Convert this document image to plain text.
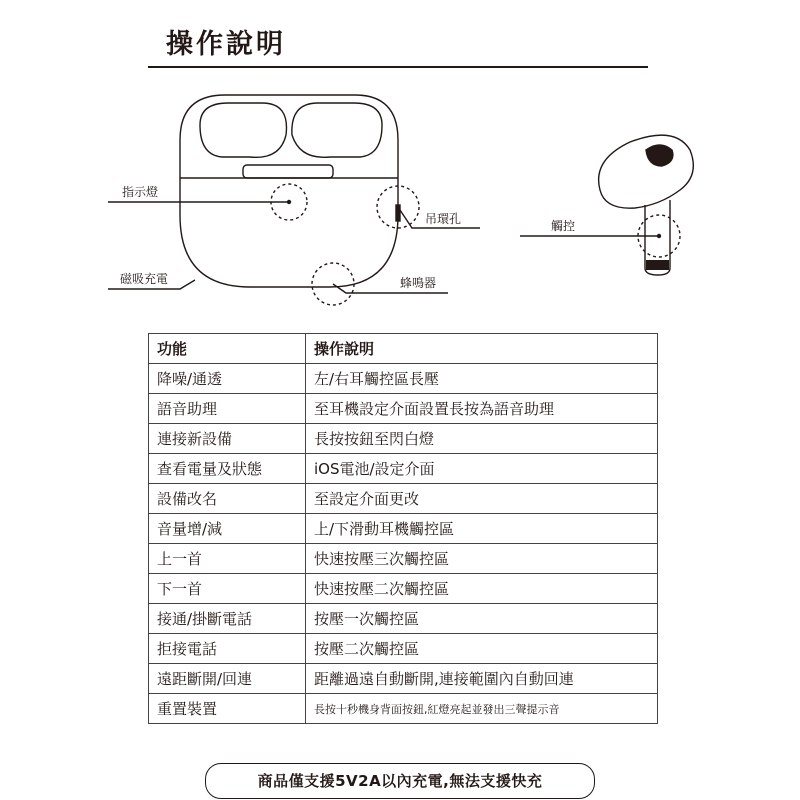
操作說明
指示燈
吊環孔
磁吸充電	蜂鳴器
觸控
功能	操作說明
降噪/通透	左/右耳觸控區長壓
語音助理	至耳機設定介面設置長按為語音助理
連接新設備	長按按鈕至閃白燈
查看電量及狀態	iOS電池/設定介面
設備改名	至設定介面更改
音量增/減	上/下滑動耳機觸控區
上一首	快速按壓三次觸控區
下一首	快速按壓二次觸控區
接通/掛斷電話	按壓一次觸控區
拒接電話	按壓二次觸控區
遠距斷開/回連	距離過遠自動斷開,連接範圍內自動回連
重置裝置	長按十秒機身背面按鈕,紅燈亮起並發出三聲提示音
商品僅支援5V2A以內充電,無法支援快充
